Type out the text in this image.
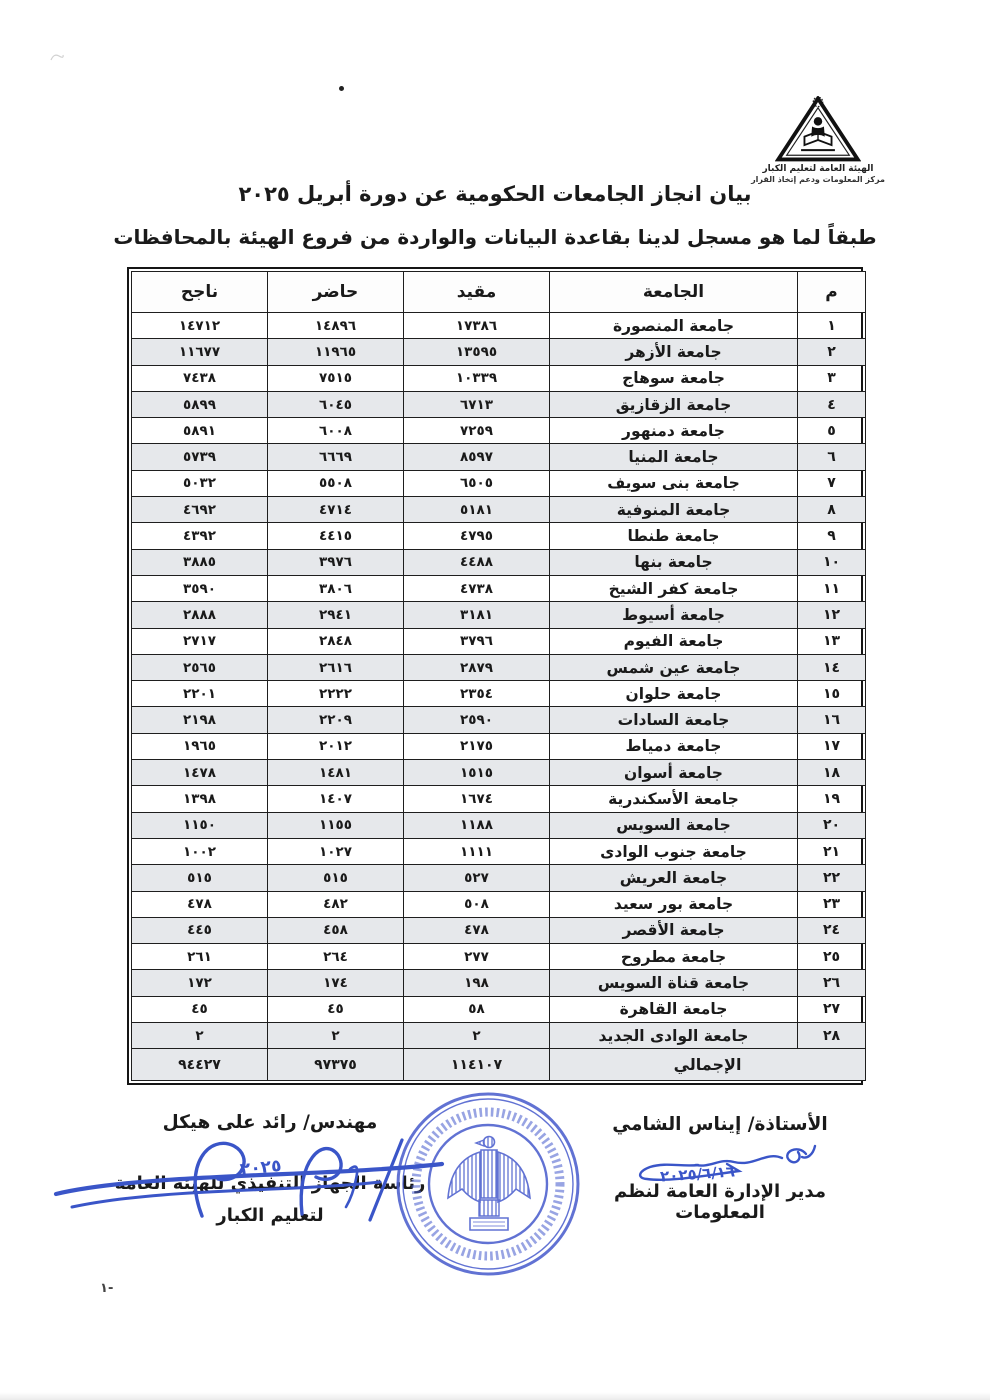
الهيئة العامة لتعليم الكبار
مركز المعلومات ودعم إتخاذ القرار
بيان انجاز الجامعات الحكومية عن دورة أبريل ٢٠٢٥
طبقاً لما هو مسجل لدينا بقاعدة البيانات والواردة من فروع الهيئة بالمحافظات
م	الجامعة	مقيد	حاضر	ناجح
١	جامعة المنصورة	١٧٣٨٦	١٤٨٩٦	١٤٧١٢
٢	جامعة الأزهر	١٣٥٩٥	١١٩٦٥	١١٦٧٧
٣	جامعة سوهاج	١٠٣٣٩	٧٥١٥	٧٤٣٨
٤	جامعة الزقازيق	٦٧١٣	٦٠٤٥	٥٨٩٩
٥	جامعة دمنهور	٧٢٥٩	٦٠٠٨	٥٨٩١
٦	جامعة المنيا	٨٥٩٧	٦٦٦٩	٥٧٣٩
٧	جامعة بنى سويف	٦٥٠٥	٥٥٠٨	٥٠٣٢
٨	جامعة المنوفية	٥١٨١	٤٧١٤	٤٦٩٢
٩	جامعة طنطا	٤٧٩٥	٤٤١٥	٤٣٩٢
١٠	جامعة بنها	٤٤٨٨	٣٩٧٦	٣٨٨٥
١١	جامعة كفر الشيخ	٤٧٣٨	٣٨٠٦	٣٥٩٠
١٢	جامعة أسيوط	٣١٨١	٢٩٤١	٢٨٨٨
١٣	جامعة الفيوم	٣٧٩٦	٢٨٤٨	٢٧١٧
١٤	جامعة عين شمس	٢٨٧٩	٢٦١٦	٢٥٦٥
١٥	جامعة حلوان	٢٣٥٤	٢٢٢٢	٢٢٠١
١٦	جامعة السادات	٢٥٩٠	٢٢٠٩	٢١٩٨
١٧	جامعة دمياط	٢١٧٥	٢٠١٢	١٩٦٥
١٨	جامعة أسوان	١٥١٥	١٤٨١	١٤٧٨
١٩	جامعة الأسكندرية	١٦٧٤	١٤٠٧	١٣٩٨
٢٠	جامعة السويس	١١٨٨	١١٥٥	١١٥٠
٢١	جامعة جنوب الوادى	١١١١	١٠٢٧	١٠٠٢
٢٢	جامعة العريش	٥٢٧	٥١٥	٥١٥
٢٣	جامعة بور سعيد	٥٠٨	٤٨٢	٤٧٨
٢٤	جامعة الأقصر	٤٧٨	٤٥٨	٤٤٥
٢٥	جامعة مطروح	٢٧٧	٢٦٤	٢٦١
٢٦	جامعة قناة السويس	١٩٨	١٧٤	١٧٢
٢٧	جامعة القاهرة	٥٨	٤٥	٤٥
٢٨	جامعة الوادى الجديد	٢	٢	٢
الإجمالي		١١٤١٠٧	٩٧٣٧٥	٩٤٤٢٧
الأستاذة/ إيناس الشامي
مدير الإدارة العامة لنظم المعلومات
٢٠٢٥/٦/١٦
مهندس/ رائد على هيكل
رئاسة الجهاز التنفيذي للهيئة العامة
لتعليم الكبار
٢٠٢٥
١-
